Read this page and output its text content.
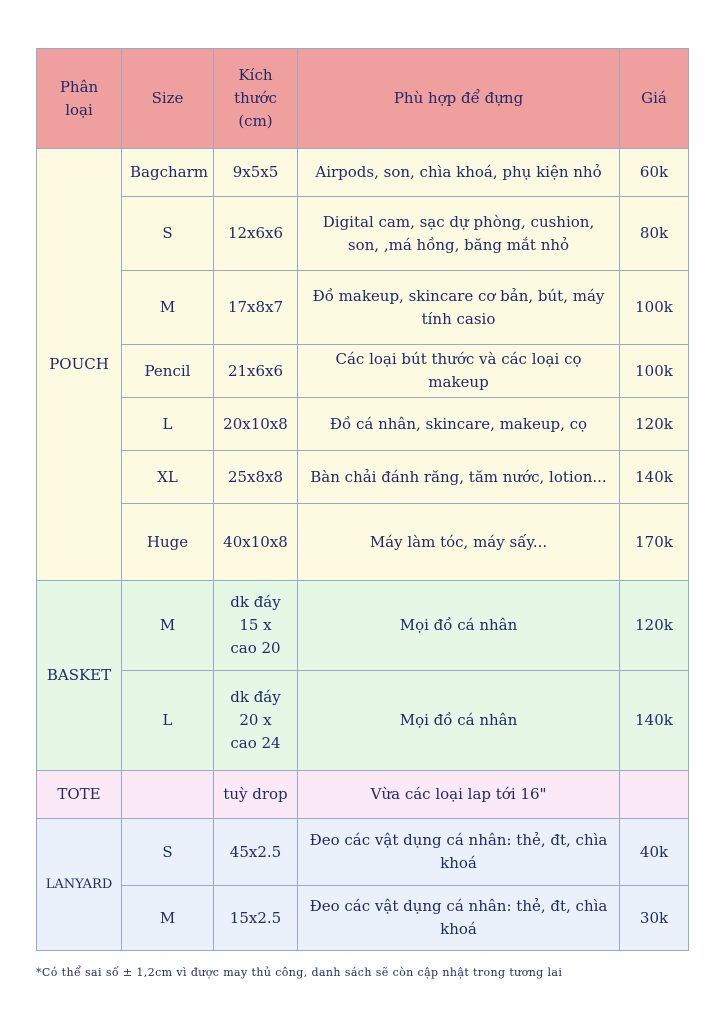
Phân loại	Size	Kích thước (cm)	Phù hợp để đựng	Giá
POUCH	Bagcharm	9x5x5	Airpods, son, chìa khoá, phụ kiện nhỏ	60k
	S	12x6x6	Digital cam, sạc dự phòng, cushion, son, ,má hồng, băng mắt nhỏ	80k
	M	17x8x7	Đồ makeup, skincare cơ bản, bút, máy tính casio	100k
	Pencil	21x6x6	Các loại bút thước và các loại cọ makeup	100k
	L	20x10x8	Đồ cá nhân, skincare, makeup, cọ	120k
	XL	25x8x8	Bàn chải đánh răng, tăm nước, lotion...	140k
	Huge	40x10x8	Máy làm tóc, máy sấy...	170k
BASKET	M	dk đáy 15 x cao 20	Mọi đồ cá nhân	120k
	L	dk đáy 20 x cao 24	Mọi đồ cá nhân	140k
TOTE		tuỳ drop	Vừa các loại lap tới 16"	
LANYARD	S	45x2.5	Đeo các vật dụng cá nhân: thẻ, đt, chìa khoá	40k
	M	15x2.5	Đeo các vật dụng cá nhân: thẻ, đt, chìa khoá	30k
*Có thể sai số ± 1,2cm vì được may thủ công, danh sách sẽ còn cập nhật trong tương lai
